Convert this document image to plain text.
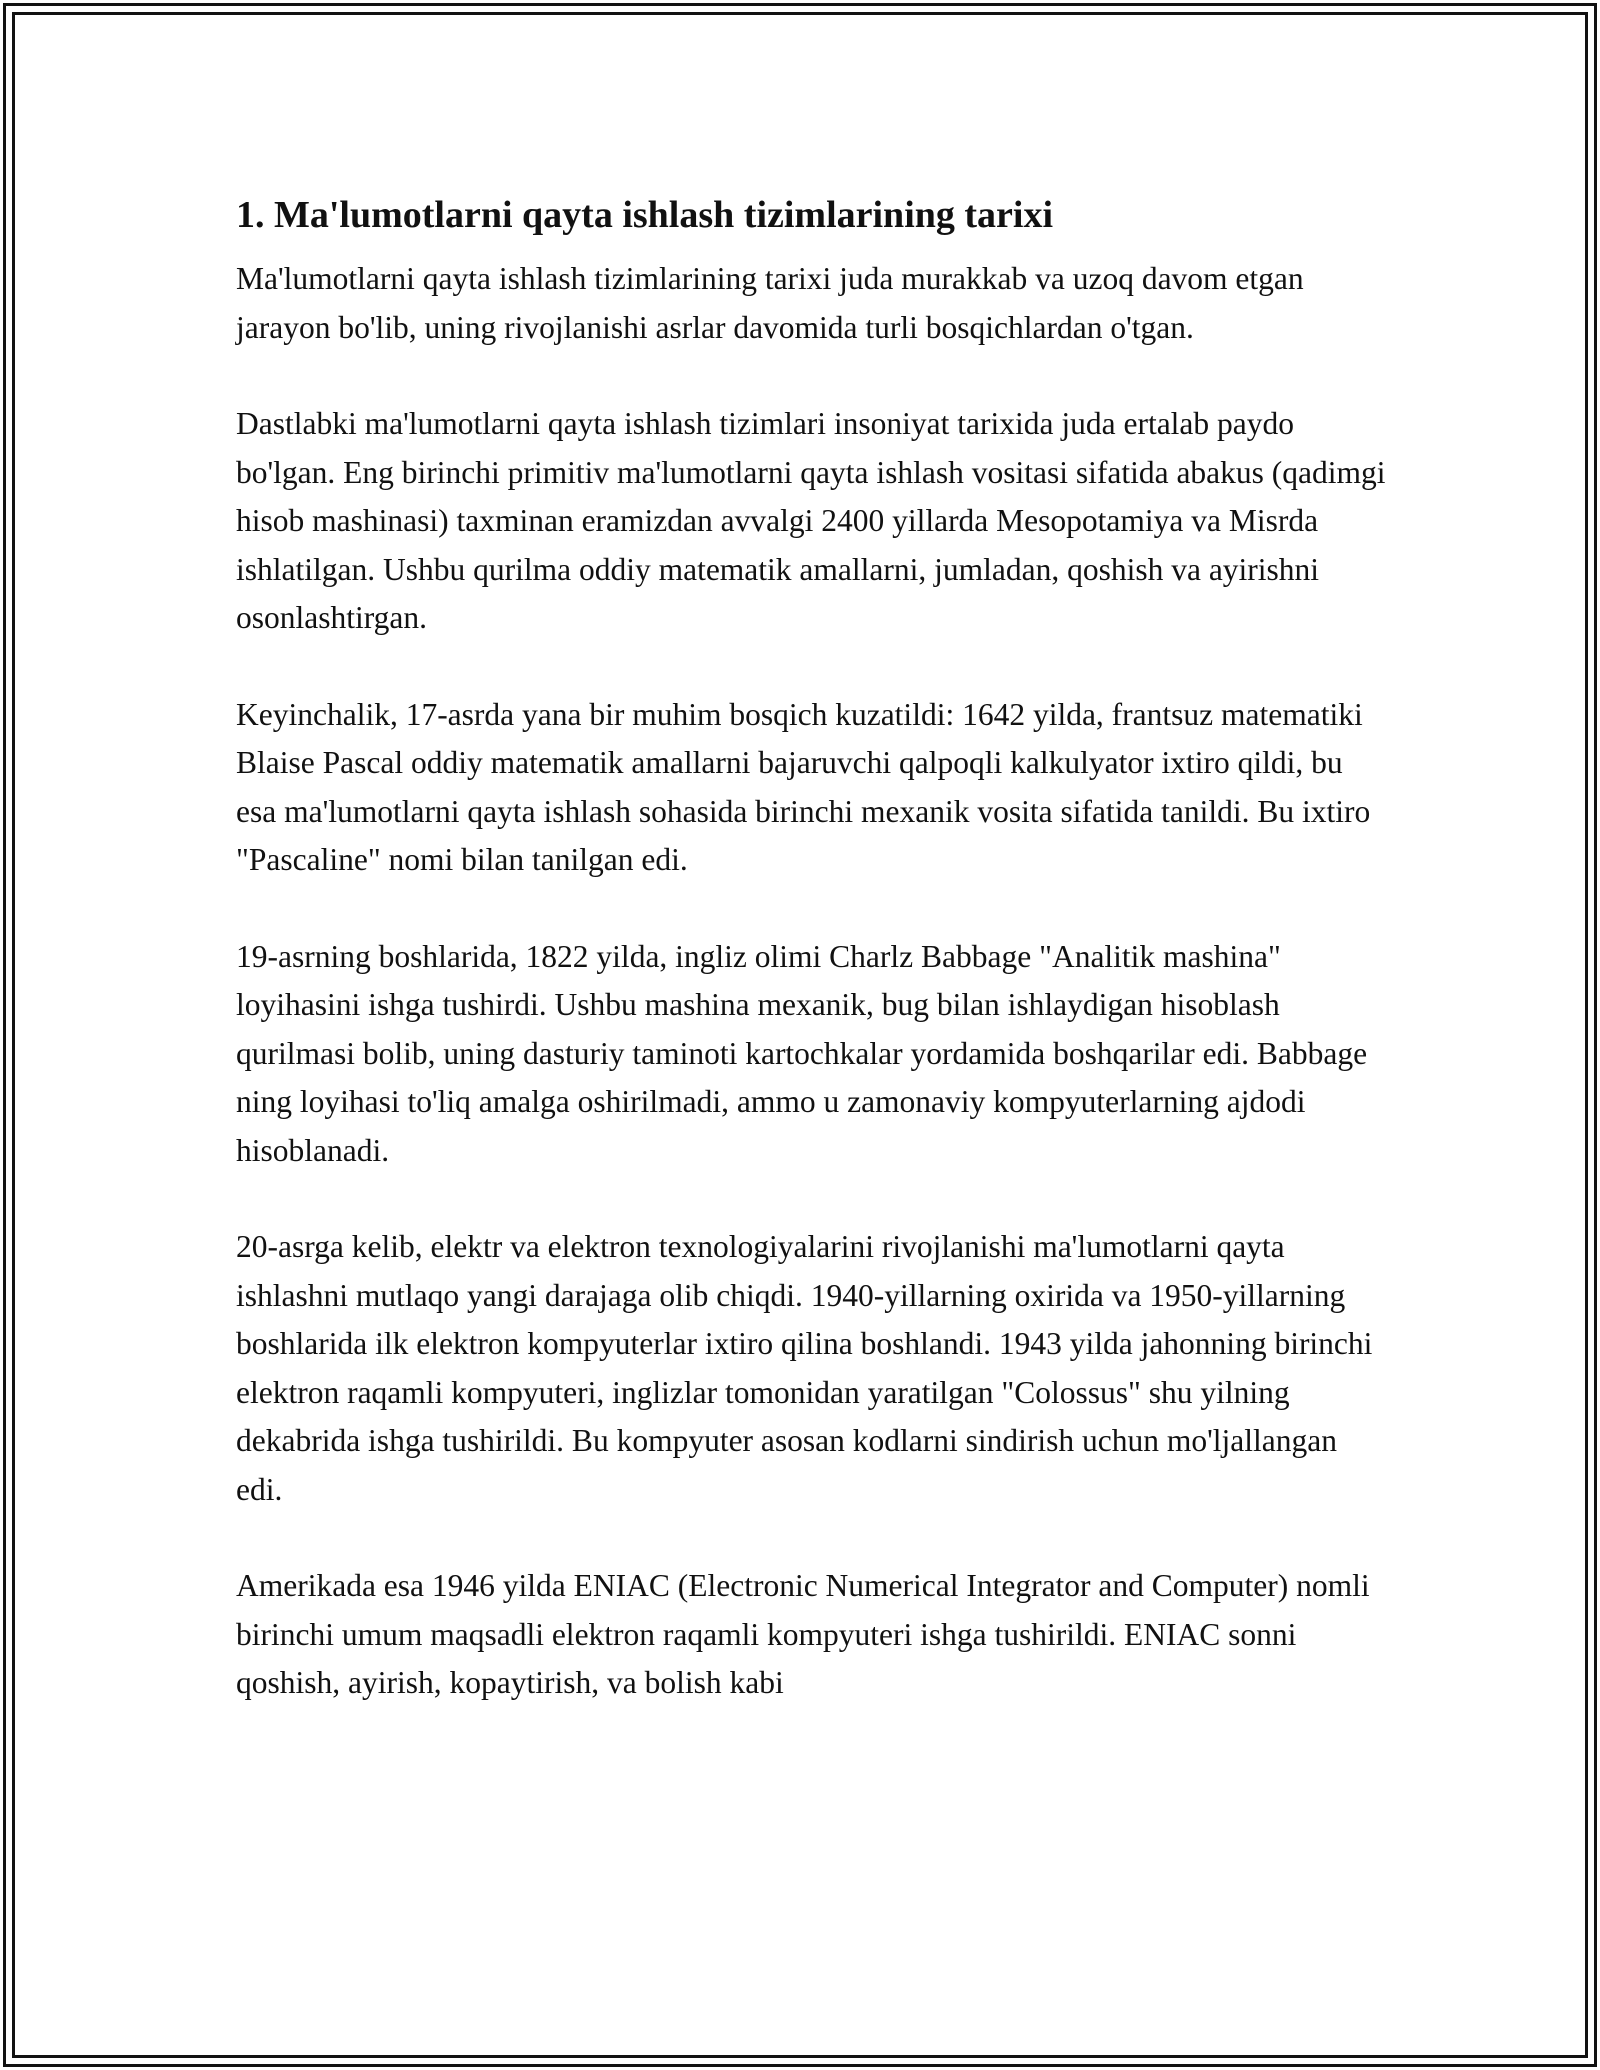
1. Ma'lumotlarni qayta ishlash tizimlarining tarixi

Ma'lumotlarni qayta ishlash tizimlarining tarixi juda murakkab va uzoq davom etgan jarayon bo'lib, uning rivojlanishi asrlar davomida turli bosqichlardan o'tgan.

Dastlabki ma'lumotlarni qayta ishlash tizimlari insoniyat tarixida juda ertalab paydo bo'lgan. Eng birinchi primitiv ma'lumotlarni qayta ishlash vositasi sifatida abakus (qadimgi hisob mashinasi) taxminan eramizdan avvalgi 2400 yillarda Mesopotamiya va Misrda ishlatilgan. Ushbu qurilma oddiy matematik amallarni, jumladan, qoshish va ayirishni osonlashtirgan.

Keyinchalik, 17-asrda yana bir muhim bosqich kuzatildi: 1642 yilda, frantsuz matematiki Blaise Pascal oddiy matematik amallarni bajaruvchi qalpoqli kalkulyator ixtiro qildi, bu esa ma'lumotlarni qayta ishlash sohasida birinchi mexanik vosita sifatida tanildi. Bu ixtiro "Pascaline" nomi bilan tanilgan edi.

19-asrning boshlarida, 1822 yilda, ingliz olimi Charlz Babbage "Analitik mashina" loyihasini ishga tushirdi. Ushbu mashina mexanik, bug bilan ishlaydigan hisoblash qurilmasi bolib, uning dasturiy taminoti kartochkalar yordamida boshqarilar edi. Babbage ning loyihasi to'liq amalga oshirilmadi, ammo u zamonaviy kompyuterlarning ajdodi hisoblanadi.

20-asrga kelib, elektr va elektron texnologiyalarini rivojlanishi ma'lumotlarni qayta ishlashni mutlaqo yangi darajaga olib chiqdi. 1940-yillarning oxirida va 1950-yillarning boshlarida ilk elektron kompyuterlar ixtiro qilina boshlandi. 1943 yilda jahonning birinchi elektron raqamli kompyuteri, inglizlar tomonidan yaratilgan "Colossus" shu yilning dekabrida ishga tushirildi. Bu kompyuter asosan kodlarni sindirish uchun mo'ljallangan edi.

Amerikada esa 1946 yilda ENIAC (Electronic Numerical Integrator and Computer) nomli birinchi umum maqsadli elektron raqamli kompyuteri ishga tushirildi. ENIAC sonni qoshish, ayirish, kopaytirish, va bolish kabi
